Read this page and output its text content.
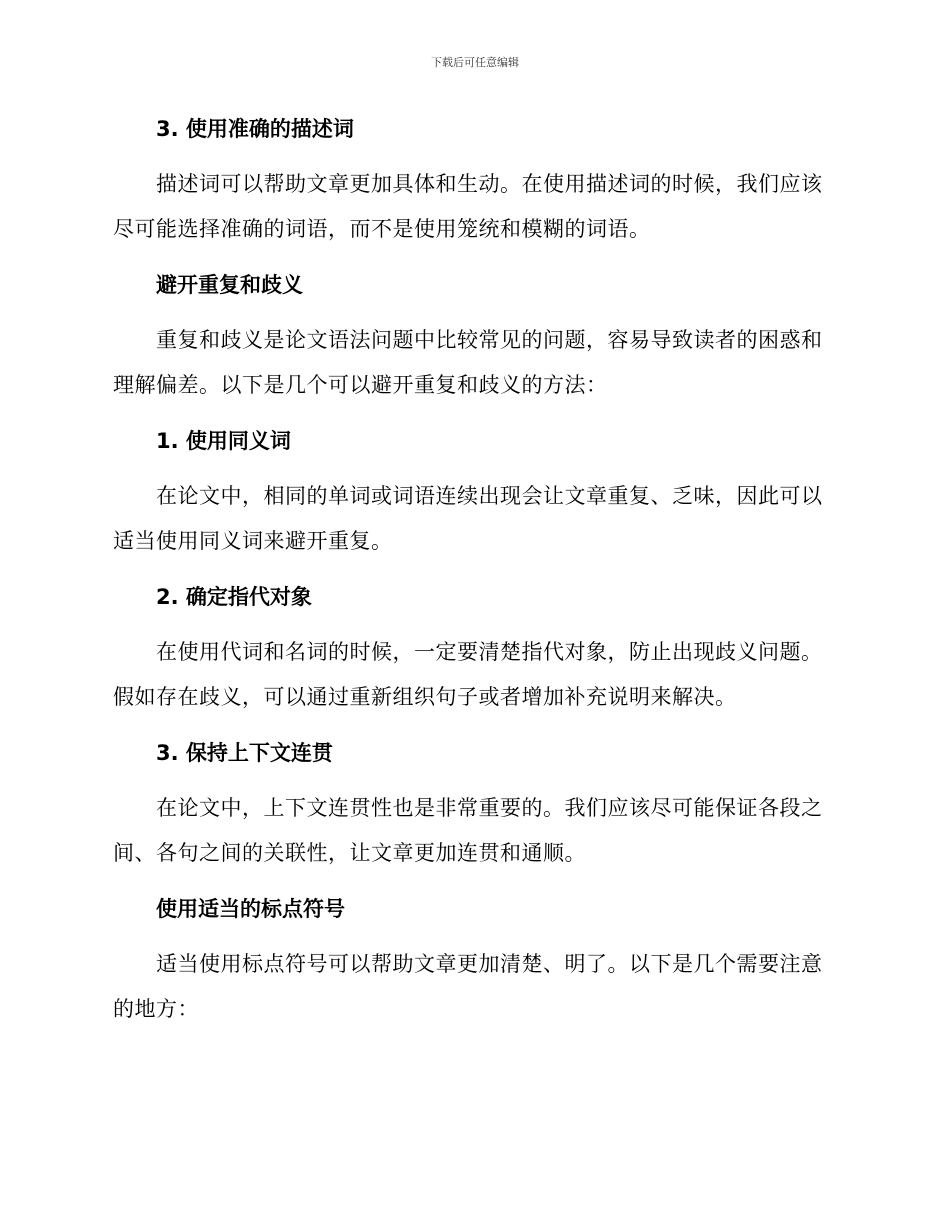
下载后可任意编辑
3. 使用准确的描述词

描述词可以帮助文章更加具体和生动。在使用描述词的时候，我们应该
尽可能选择准确的词语，而不是使用笼统和模糊的词语。

避开重复和歧义

重复和歧义是论文语法问题中比较常见的问题，容易导致读者的困惑和
理解偏差。以下是几个可以避开重复和歧义的方法：

1. 使用同义词

在论文中，相同的单词或词语连续出现会让文章重复、乏味，因此可以
适当使用同义词来避开重复。

2. 确定指代对象

在使用代词和名词的时候，一定要清楚指代对象，防止出现歧义问题。
假如存在歧义，可以通过重新组织句子或者增加补充说明来解决。

3. 保持上下文连贯

在论文中，上下文连贯性也是非常重要的。我们应该尽可能保证各段之
间、各句之间的关联性，让文章更加连贯和通顺。

使用适当的标点符号

适当使用标点符号可以帮助文章更加清楚、明了。以下是几个需要注意
的地方：
